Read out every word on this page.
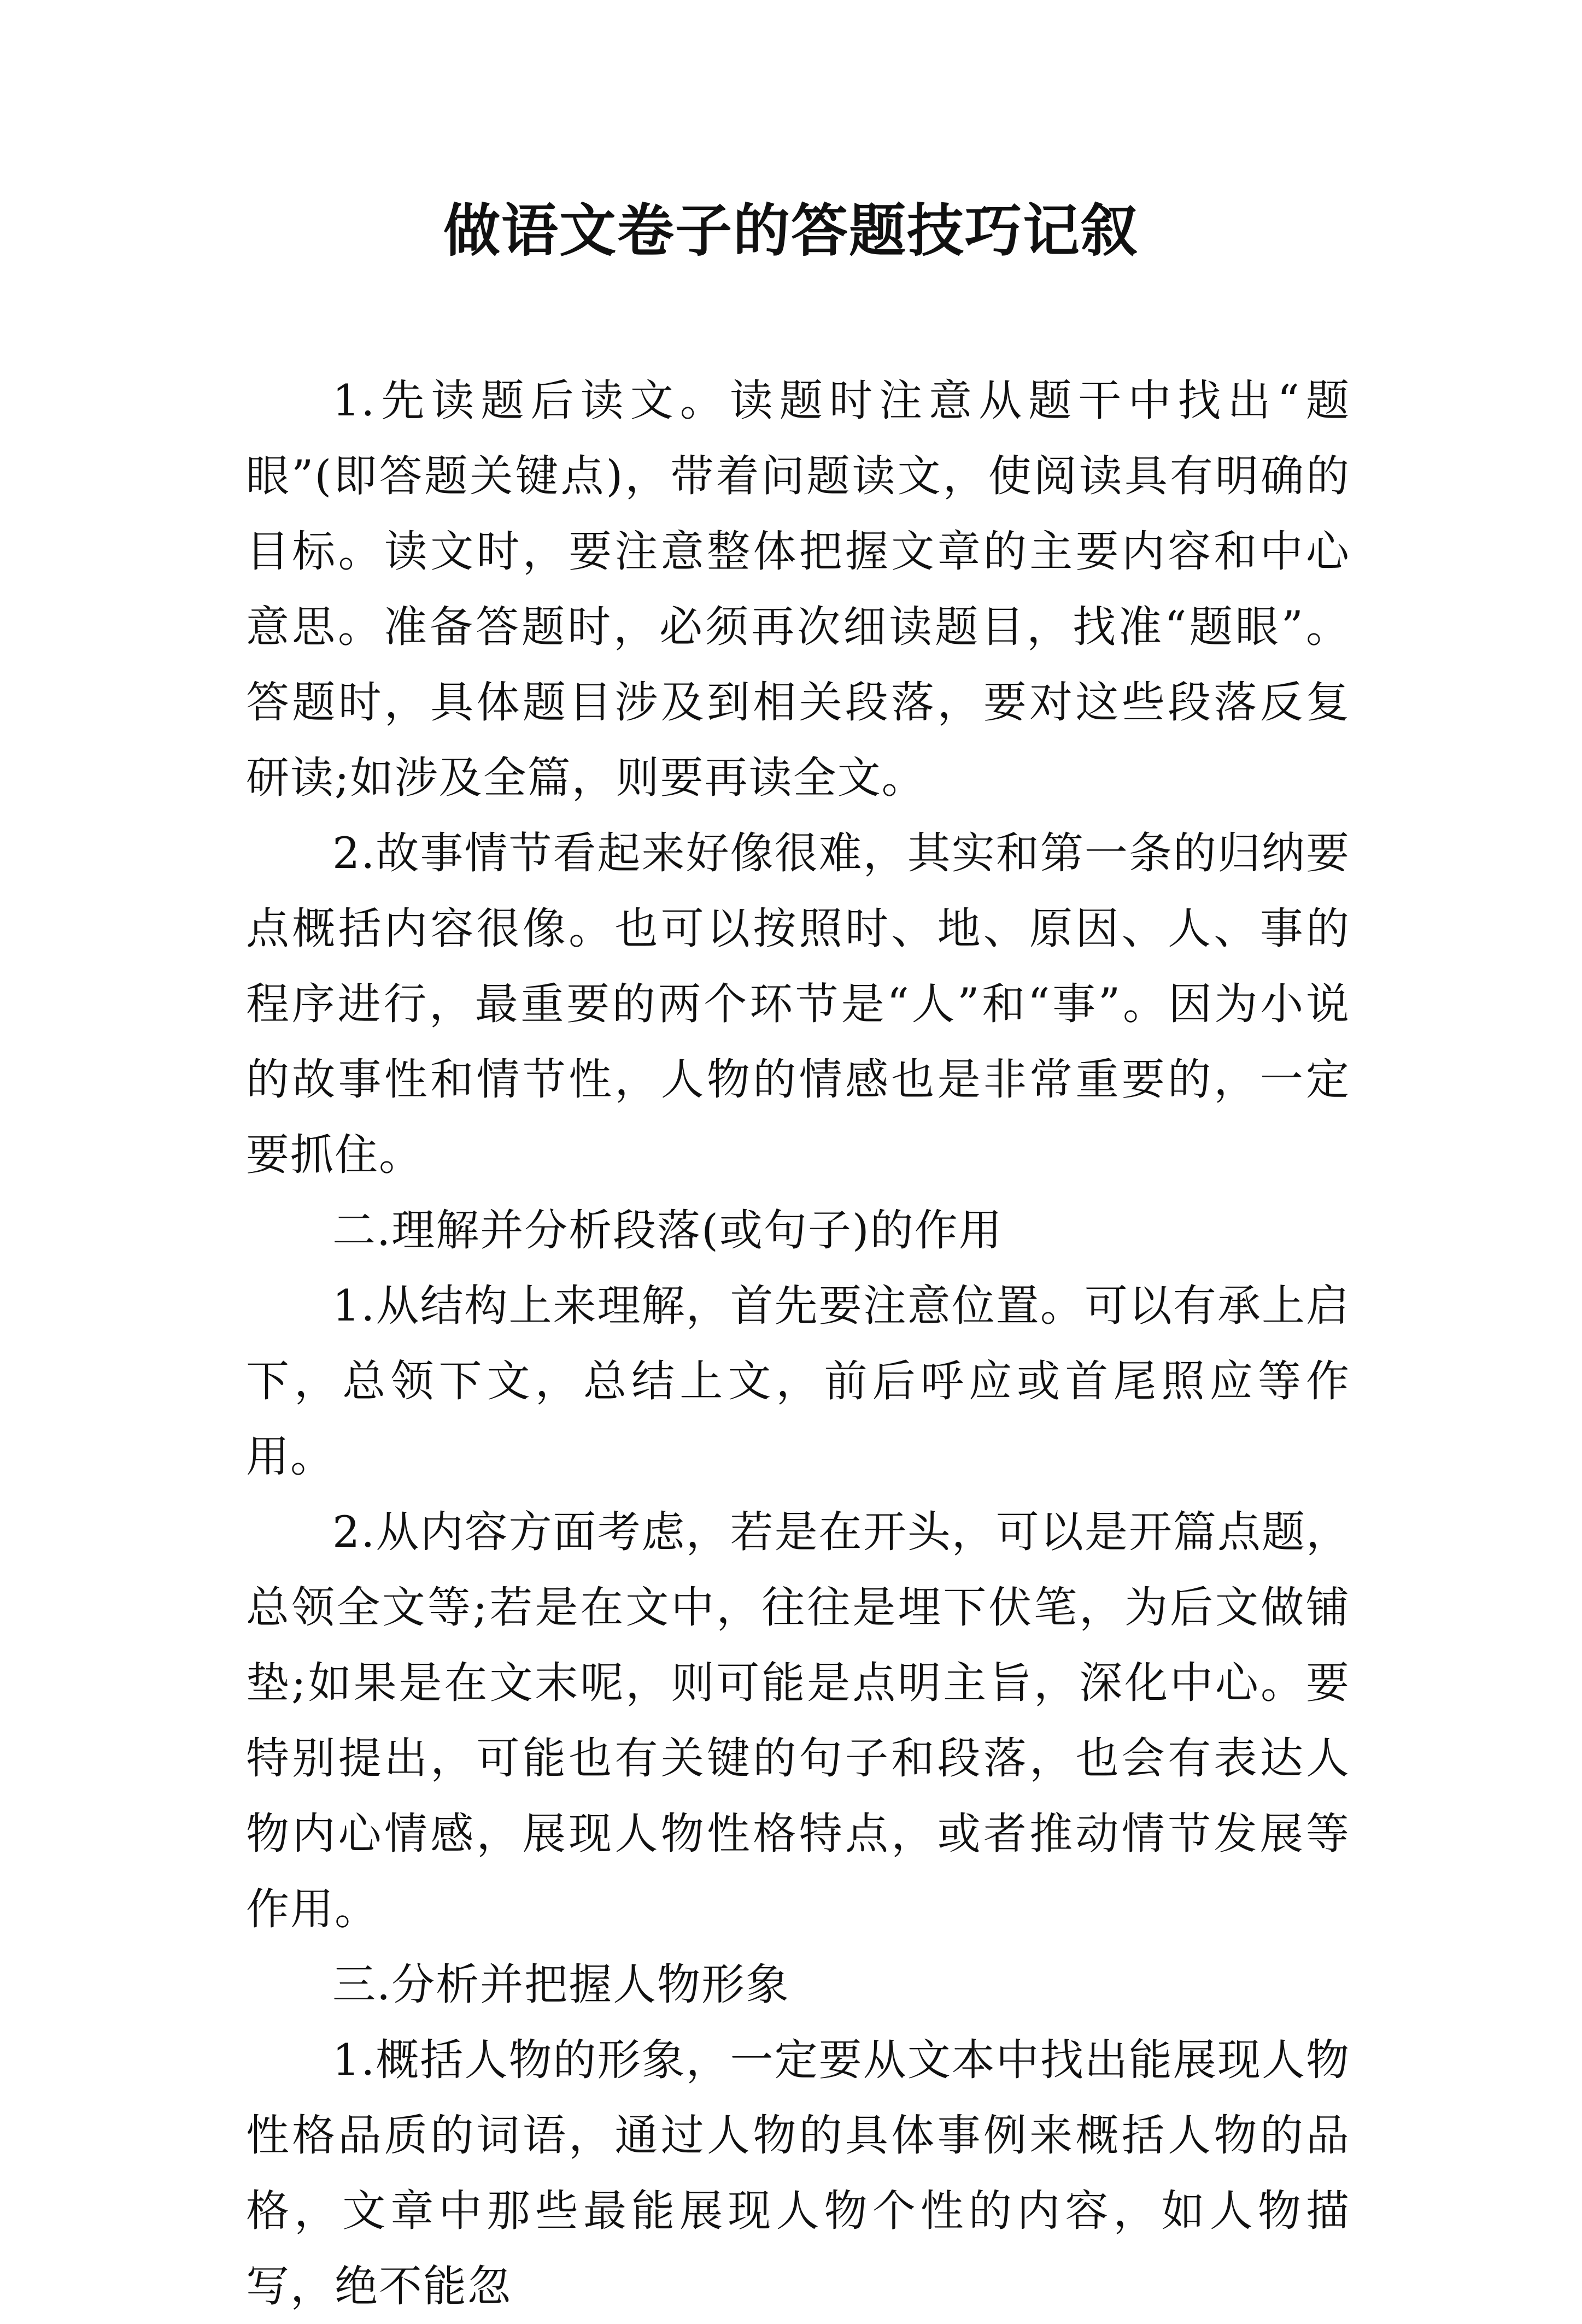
做语文卷子的答题技巧记叙

1.先读题后读文。读题时注意从题干中找出“题眼”(即答题关键点)，带着问题读文，使阅读具有明确的目标。读文时，要注意整体把握文章的主要内容和中心意思。准备答题时，必须再次细读题目，找准“题眼”。答题时，具体题目涉及到相关段落，要对这些段落反复研读;如涉及全篇，则要再读全文。

2.故事情节看起来好像很难，其实和第一条的归纳要点概括内容很像。也可以按照时、地、原因、人、事的程序进行，最重要的两个环节是“人”和“事”。因为小说的故事性和情节性，人物的情感也是非常重要的，一定要抓住。

二.理解并分析段落(或句子)的作用

1.从结构上来理解，首先要注意位置。可以有承上启下，总领下文，总结上文，前后呼应或首尾照应等作用。

2.从内容方面考虑，若是在开头，可以是开篇点题，总领全文等;若是在文中，往往是埋下伏笔，为后文做铺垫;如果是在文末呢，则可能是点明主旨，深化中心。要特别提出，可能也有关键的句子和段落，也会有表达人物内心情感，展现人物性格特点，或者推动情节发展等作用。

三.分析并把握人物形象

1.概括人物的形象，一定要从文本中找出能展现人物性格品质的词语，通过人物的具体事例来概括人物的品格，文章中那些最能展现人物个性的内容，如人物描写，绝不能忽
